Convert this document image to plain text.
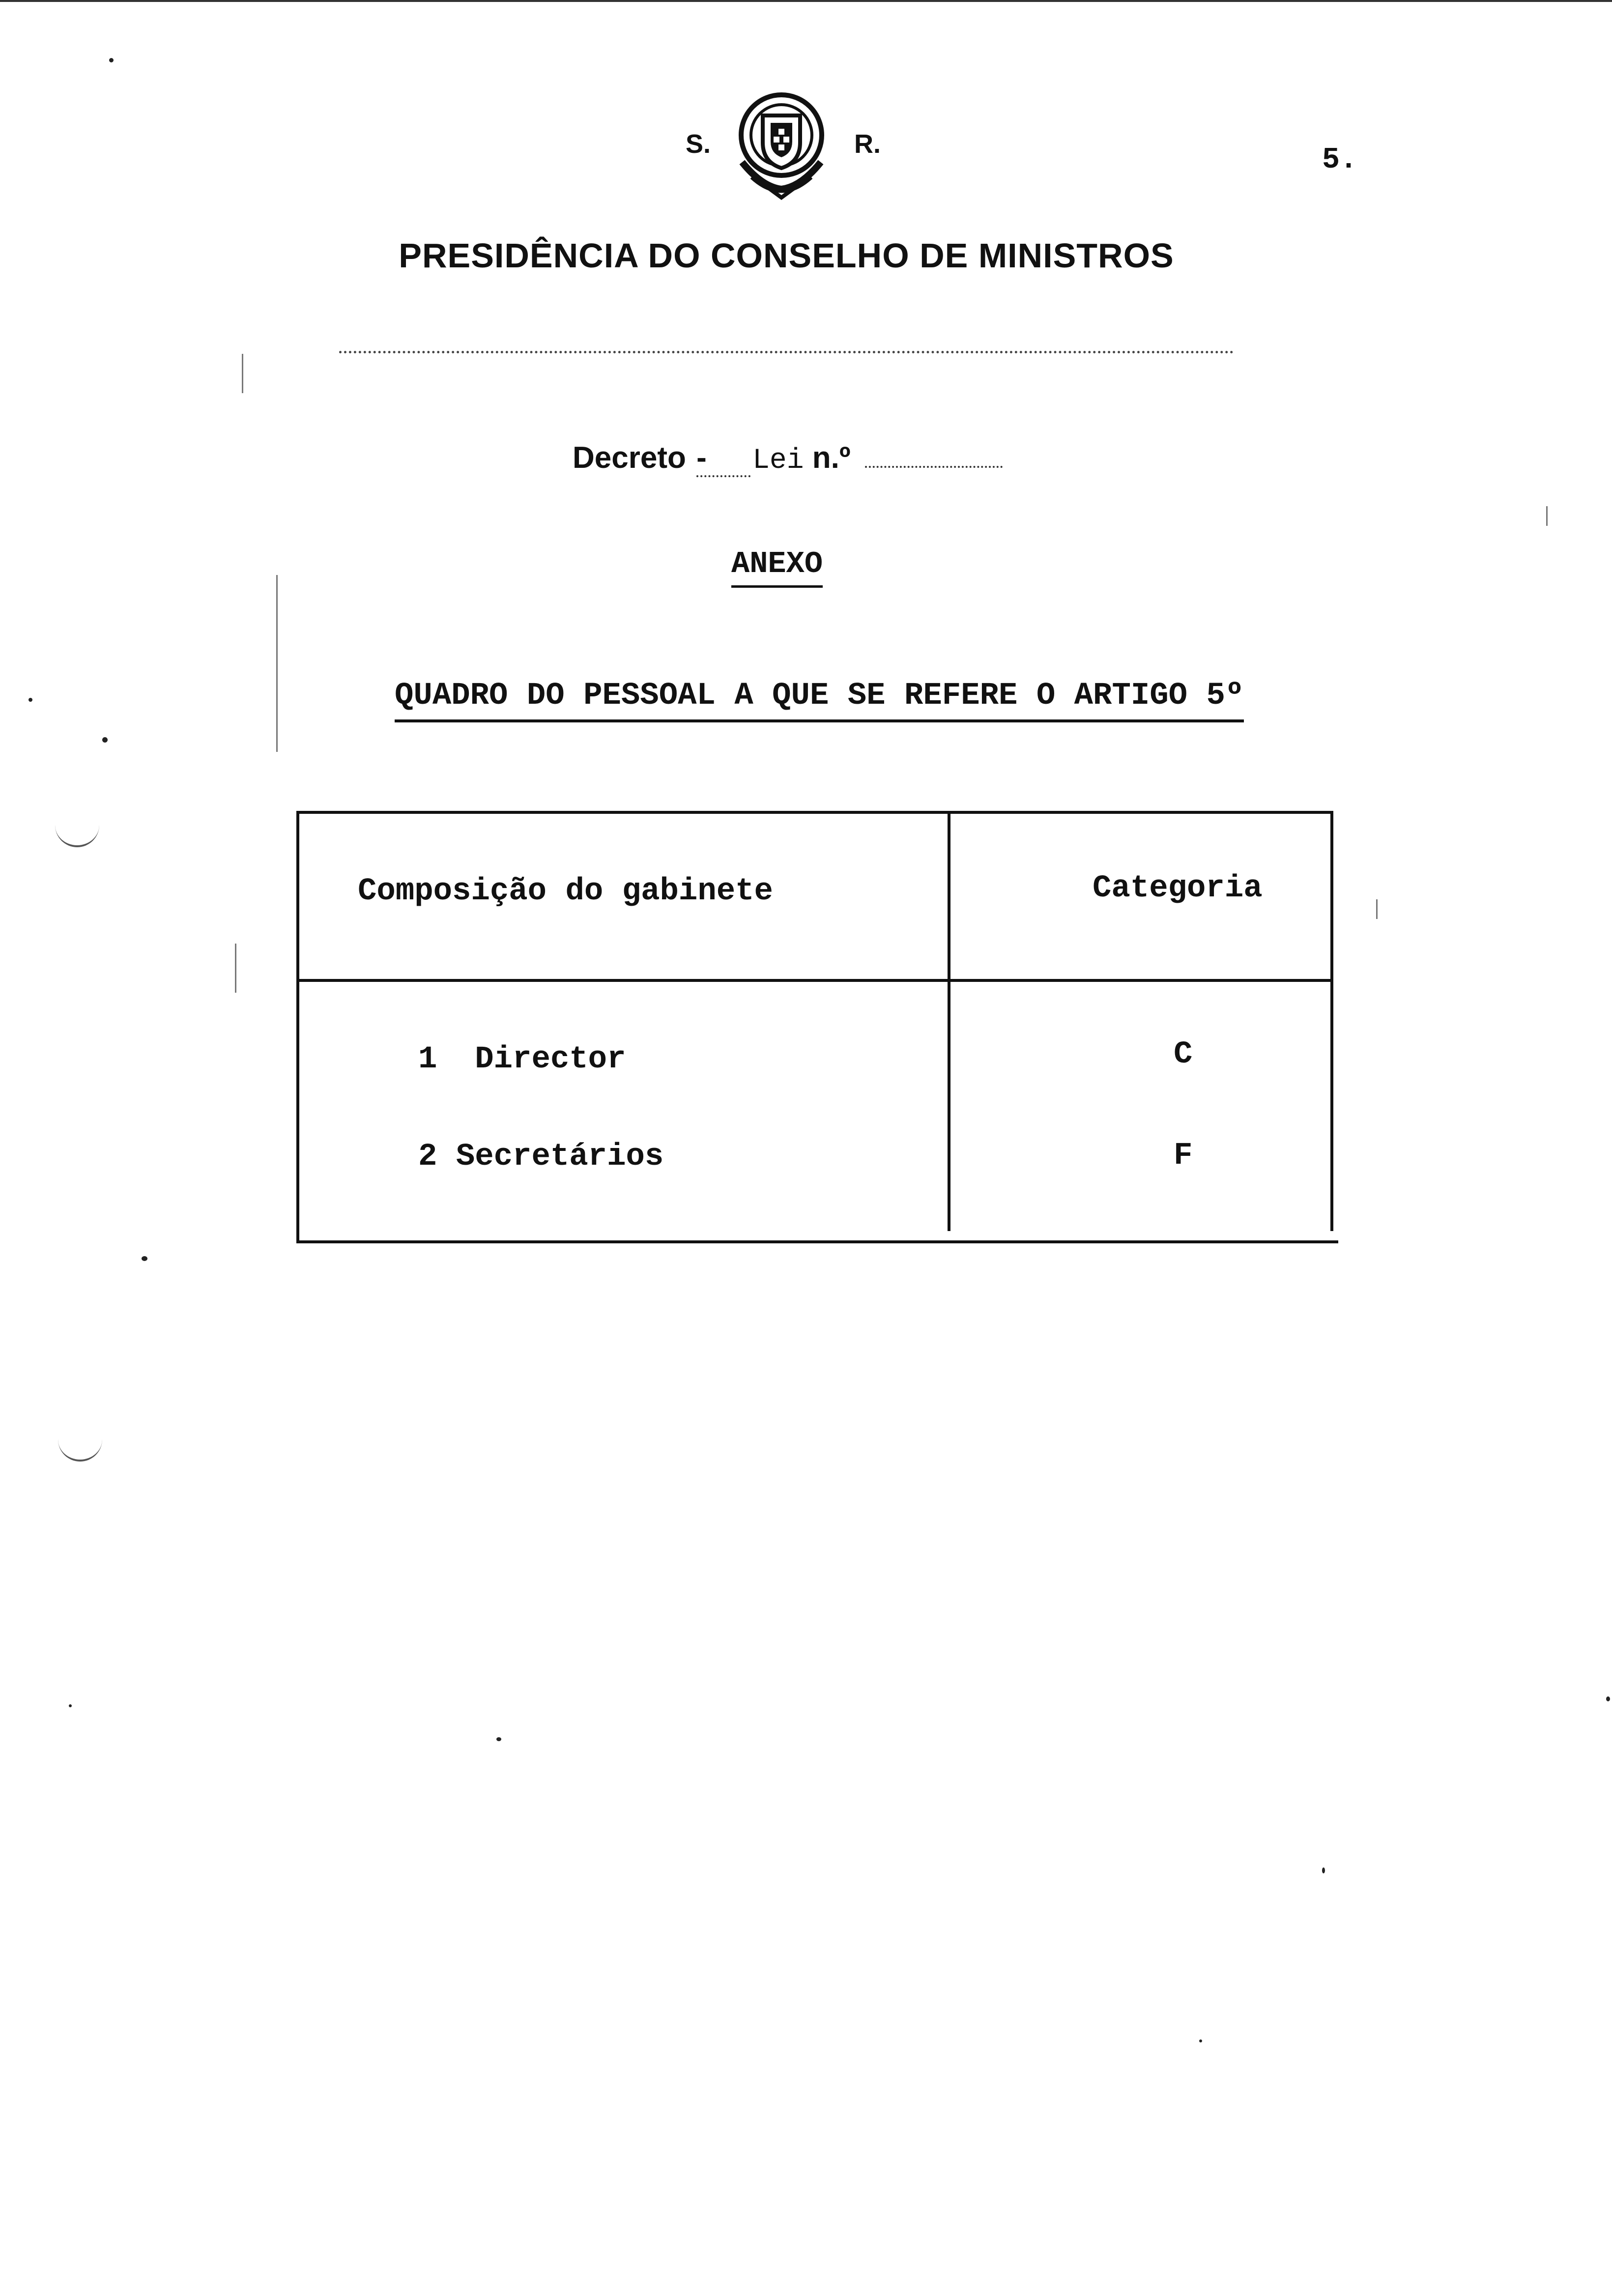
S.	R.	5.
PRESIDÊNCIA DO CONSELHO DE MINISTROS
Decreto - Lei n.º
ANEXO
QUADRO DO PESSOAL A QUE SE REFERE O ARTIGO 5º
Composição do gabinete	Categoria
1  Director	C
2 Secretários	F
